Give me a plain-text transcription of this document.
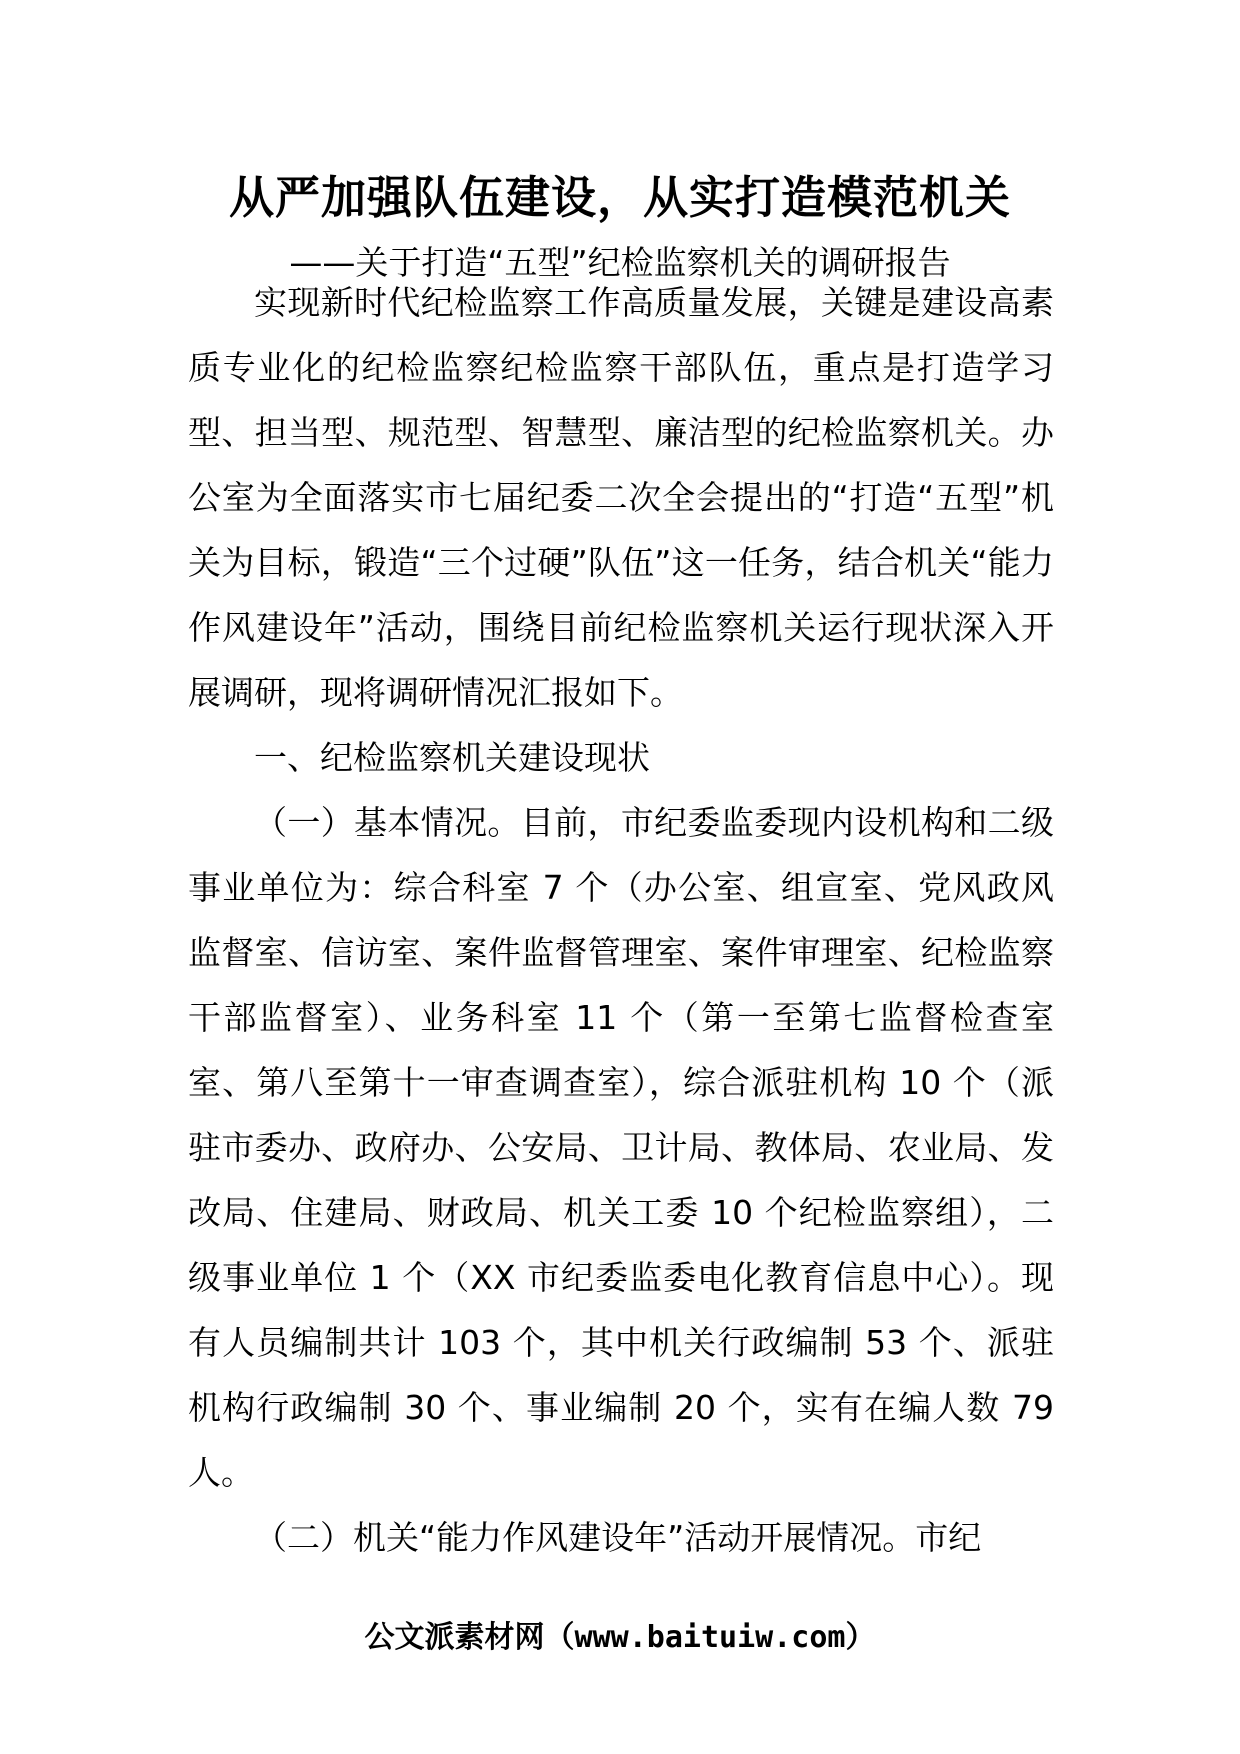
从严加强队伍建设，从实打造模范机关
——关于打造“五型”纪检监察机关的调研报告

实现新时代纪检监察工作高质量发展，关键是建设高素质专业化的纪检监察纪检监察干部队伍，重点是打造学习型、担当型、规范型、智慧型、廉洁型的纪检监察机关。办公室为全面落实市七届纪委二次全会提出的“打造“五型”机关为目标，锻造“三个过硬”队伍”这一任务，结合机关“能力作风建设年”活动，围绕目前纪检监察机关运行现状深入开展调研，现将调研情况汇报如下。

一、纪检监察机关建设现状

（一）基本情况。目前，市纪委监委现内设机构和二级事业单位为：综合科室 7 个（办公室、组宣室、党风政风监督室、信访室、案件监督管理室、案件审理室、纪检监察干部监督室）、业务科室 11 个（第一至第七监督检查室室、第八至第十一审查调查室），综合派驻机构 10 个（派驻市委办、政府办、公安局、卫计局、教体局、农业局、发改局、住建局、财政局、机关工委 10 个纪检监察组），二级事业单位 1 个（XX 市纪委监委电化教育信息中心）。现有人员编制共计 103 个，其中机关行政编制 53 个、派驻机构行政编制 30 个、事业编制 20 个，实有在编人数 79 人。

（二）机关“能力作风建设年”活动开展情况。市纪

公文派素材网（www.baituiw.com）
